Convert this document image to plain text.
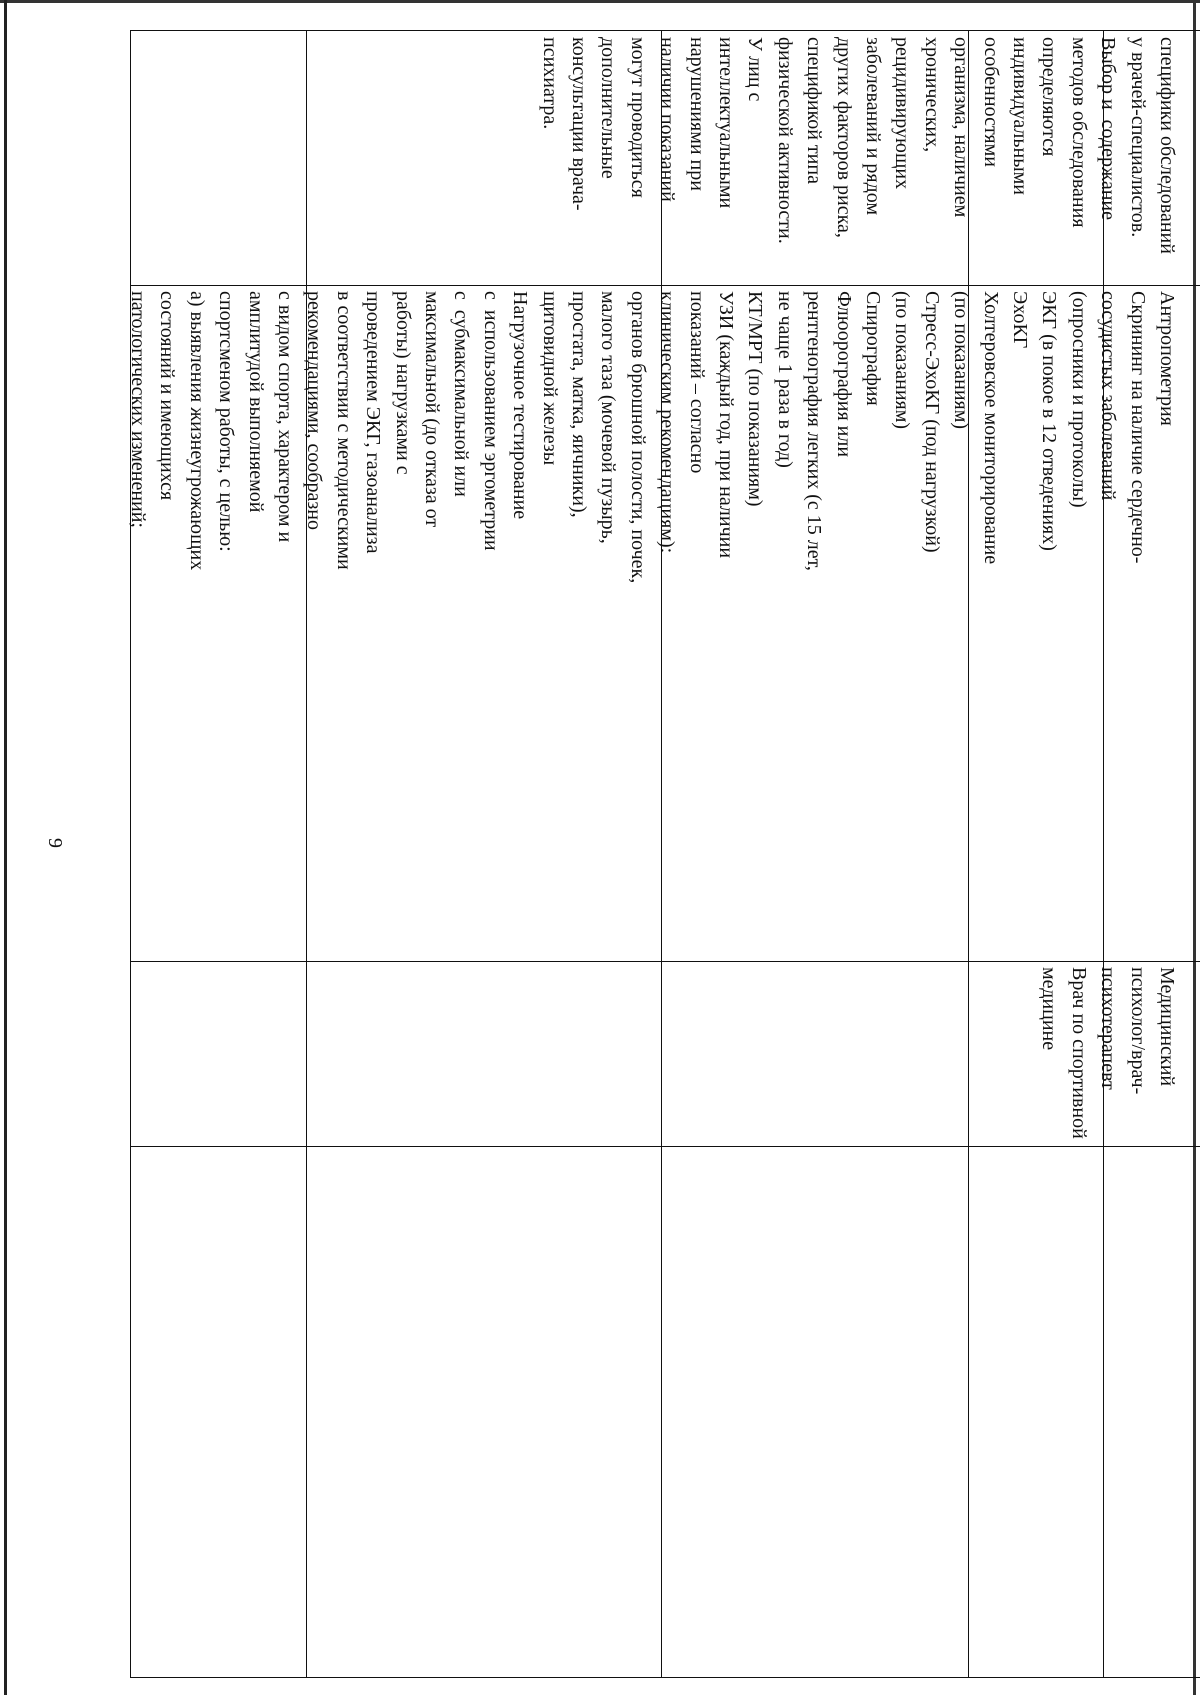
9
специфики обследований
у врачей-специалистов.
Выбор и  содержание
методов обследования
определяются
индивидуальными
особенностями
организма, наличием
хронических,
рецидивирующих
заболеваний и рядом
других факторов риска,
спецификой типа
физической активности.
У лиц с
интеллектуальными
нарушениями при
наличии показаний
могут проводиться
дополнительные
консультации врача-
психиатра.
Антропометрия
Скрининг на наличие сердечно-
сосудистых заболеваний
(опросники и протоколы)
ЭКГ (в покое в 12 отведениях)
ЭхоКГ
Холтеровское мониторирование
(по показаниям)
Стресс-ЭхоКГ (под нагрузкой)
(по показаниям)
Спирография
Флюорография или
рентгенография легких (с 15 лет,
не чаще 1 раза в год)
КТ/МРТ (по показаниям)
УЗИ (каждый год, при наличии
показаний – согласно
клиническим рекомендациям):
органов брюшной полости, почек,
малого таза (мочевой пузырь,
простата, матка, яичники),
щитовидной железы
Нагрузочное тестирование
с  использованием эргометрии
с  субмаксимальной или
максимальной (до отказа от
работы) нагрузками с
проведением ЭКГ, газоанализа
в соответствии с методическими
рекомендациями, сообразно
с видом спорта, характером и
амплитудой выполняемой
спортсменом работы, с целью:
а) выявления жизнеугрожающих
состояний и имеющихся
патологических изменений;
Медицинский
психолог/врач-
психотерапевт
Врач по спортивной
медицине
